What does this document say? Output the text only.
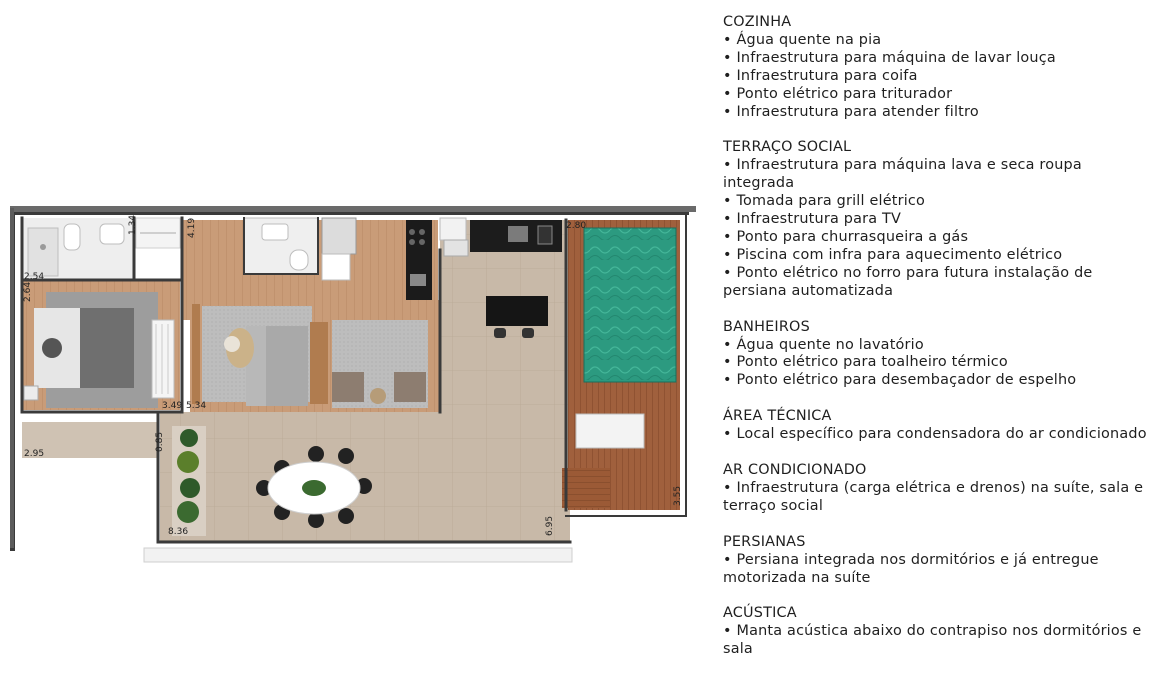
2.54
2.64
2.95
1.34	4.19
3.49 5.34
0.85
8.36	6.95
2.80
3.55
COZINHA
• Água quente na pia
• Infraestrutura para máquina de lavar louça
• Infraestrutura para coifa
• Ponto elétrico para triturador
• Infraestrutura para atender filtro
TERRAÇO SOCIAL
• Infraestrutura para máquina lava e seca roupa integrada
• Tomada para grill elétrico
• Infraestrutura para TV
• Ponto para churrasqueira a gás
• Piscina com infra para aquecimento elétrico
• Ponto elétrico no forro para futura instalação de persiana automatizada
BANHEIROS
• Água quente no lavatório
• Ponto elétrico para toalheiro térmico
• Ponto elétrico para desembaçador de espelho
ÁREA TÉCNICA
• Local específico para condensadora do ar condicionado
AR CONDICIONADO
• Infraestrutura (carga elétrica e drenos) na suíte, sala e terraço social
PERSIANAS
• Persiana integrada nos dormitórios e já entregue motorizada na suíte
ACÚSTICA
• Manta acústica abaixo do contrapiso nos dormitórios e sala
